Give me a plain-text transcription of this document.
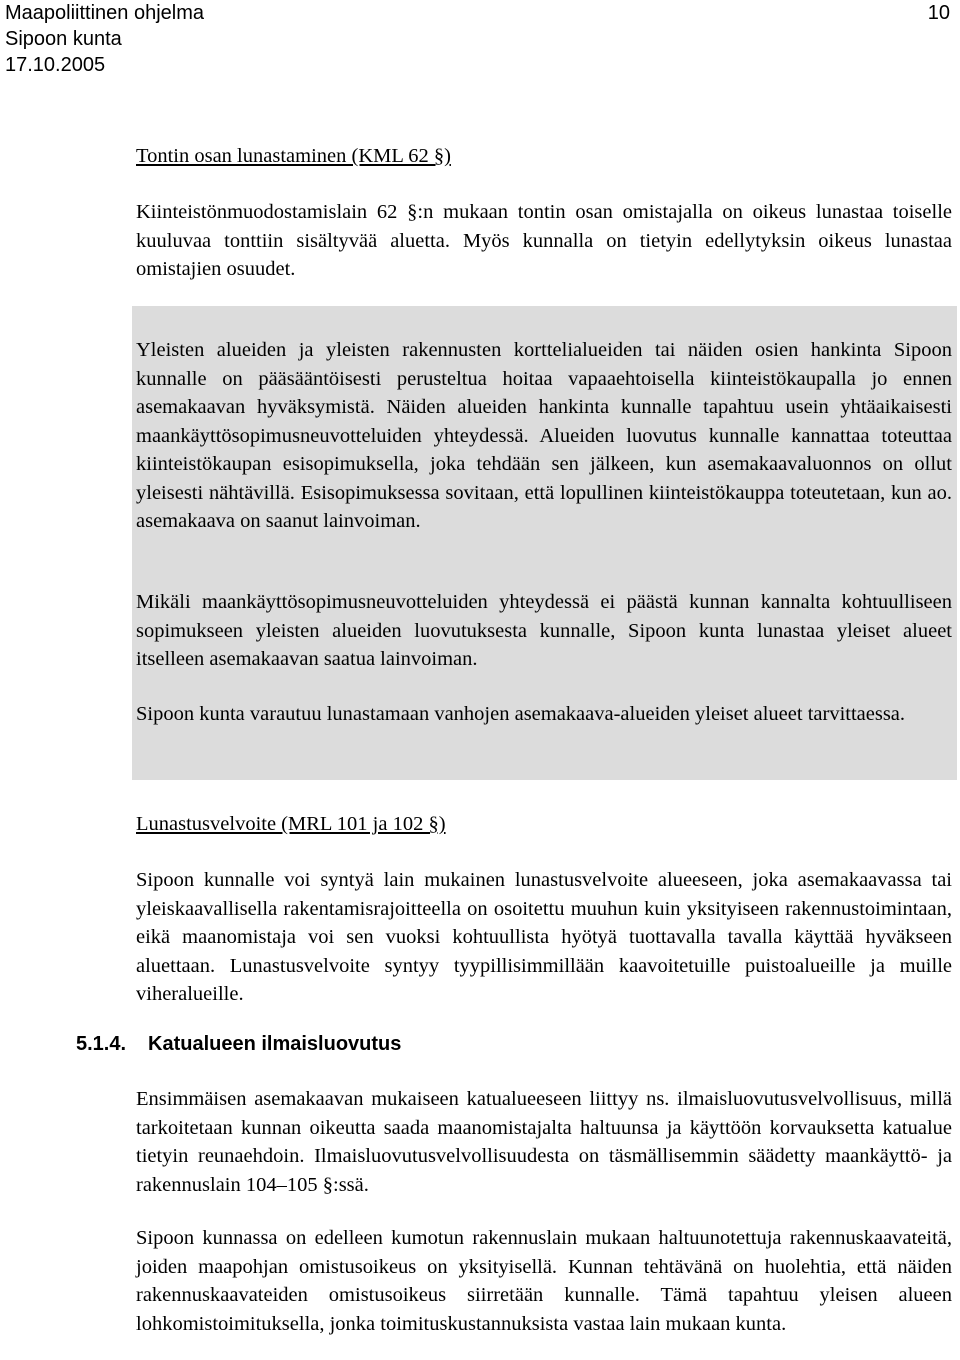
Maapoliittinen ohjelma
Sipoon kunta
17.10.2005
10

Tontin osan lunastaminen (KML 62 §)

Kiinteistönmuodostamislain 62 §:n mukaan tontin osan omistajalla on oikeus lunastaa toiselle kuuluvaa tonttiin sisältyvää aluetta. Myös kunnalla on tietyin edellytyksin oikeus lunastaa omistajien osuudet.

Yleisten alueiden ja yleisten rakennusten korttelialueiden tai näiden osien hankinta Sipoon kunnalle on pääsääntöisesti perusteltua hoitaa vapaaehtoisella kiinteistökaupalla jo ennen asemakaavan hyväksymistä. Näiden alueiden hankinta kunnalle tapahtuu usein yhtäaikaisesti maankäyttösopimusneuvotteluiden yhteydessä. Alueiden luovutus kunnalle kannattaa toteuttaa kiinteistökaupan esisopimuksella, joka tehdään sen jälkeen, kun asemakaavaluonnos on ollut yleisesti nähtävillä. Esisopimuksessa sovitaan, että lopullinen kiinteistökauppa toteutetaan, kun ao. asemakaava on saanut lainvoiman.

Mikäli maankäyttösopimusneuvotteluiden yhteydessä ei päästä kunnan kannalta kohtuulliseen sopimukseen yleisten alueiden luovutuksesta kunnalle, Sipoon kunta lunastaa yleiset alueet itselleen asemakaavan saatua lainvoiman.

Sipoon kunta varautuu lunastamaan vanhojen asemakaava-alueiden yleiset alueet tarvittaessa.

Lunastusvelvoite (MRL 101 ja 102 §)

Sipoon kunnalle voi syntyä lain mukainen lunastusvelvoite alueeseen, joka asemakaavassa tai yleiskaavallisella rakentamisrajoitteella on osoitettu muuhun kuin yksityiseen rakennustoimintaan, eikä maanomistaja voi sen vuoksi kohtuullista hyötyä tuottavalla tavalla käyttää hyväkseen aluettaan. Lunastusvelvoite syntyy tyypillisimmillään kaavoitetuille puistoalueille ja muille viheralueille.

5.1.4. Katualueen ilmaisluovutus

Ensimmäisen asemakaavan mukaiseen katualueeseen liittyy ns. ilmaisluovutusvelvollisuus, millä tarkoitetaan kunnan oikeutta saada maanomistajalta haltuunsa ja käyttöön korvauksetta katualue tietyin reunaehdoin. Ilmaisluovutusvelvollisuudesta on täsmällisemmin säädetty maankäyttö- ja rakennuslain 104–105 §:ssä.

Sipoon kunnassa on edelleen kumotun rakennuslain mukaan haltuunotettuja rakennuskaavateitä, joiden maapohjan omistusoikeus on yksityisellä. Kunnan tehtävänä on huolehtia, että näiden rakennuskaavateiden omistusoikeus siirretään kunnalle. Tämä tapahtuu yleisen alueen lohkomistoimituksella, jonka toimituskustannuksista vastaa lain mukaan kunta.
